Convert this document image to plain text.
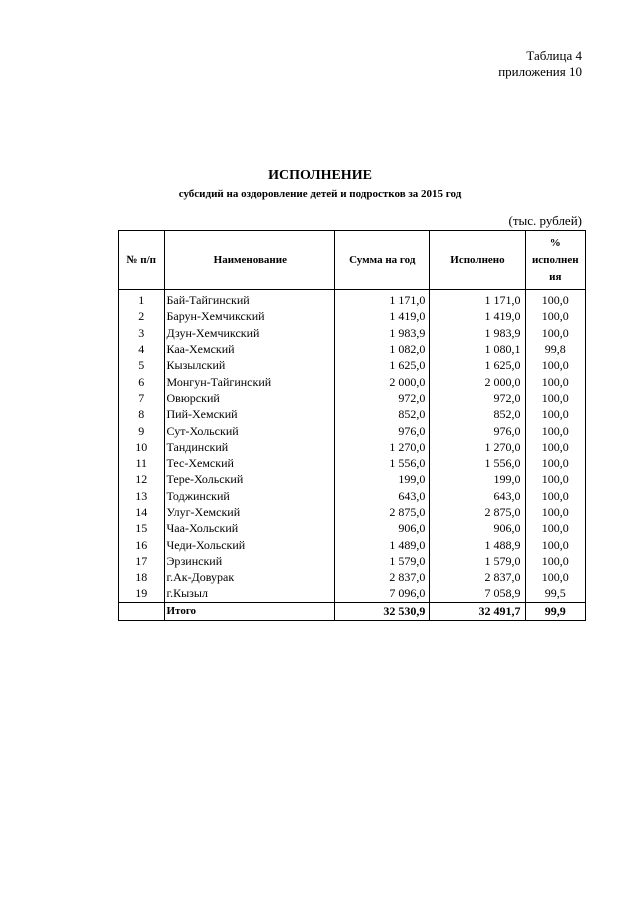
Таблица 4
приложения 10
ИСПОЛНЕНИЕ
субсидий на оздоровление детей и подростков за 2015 год
(тыс. рублей)
№ п/п	Наименование	Сумма на год	Исполнено	%
исполнен
ия

1	Бай-Тайгинский	1 171,0	1 171,0	100,0
2	Барун-Хемчикский	1 419,0	1 419,0	100,0
3	Дзун-Хемчикский	1 983,9	1 983,9	100,0
4	Каа-Хемский	1 082,0	1 080,1	99,8
5	Кызылский	1 625,0	1 625,0	100,0
6	Монгун-Тайгинский	2 000,0	2 000,0	100,0
7	Овюрский	972,0	972,0	100,0
8	Пий-Хемский	852,0	852,0	100,0
9	Сут-Хольский	976,0	976,0	100,0
10	Тандинский	1 270,0	1 270,0	100,0
11	Тес-Хемский	1 556,0	1 556,0	100,0
12	Тере-Хольский	199,0	199,0	100,0
13	Тоджинский	643,0	643,0	100,0
14	Улуг-Хемский	2 875,0	2 875,0	100,0
15	Чаа-Хольский	906,0	906,0	100,0
16	Чеди-Хольский	1 489,0	1 488,9	100,0
17	Эрзинский	1 579,0	1 579,0	100,0
18	г.Ак-Довурак	2 837,0	2 837,0	100,0
19	г.Кызыл	7 096,0	7 058,9	99,5
	Итого	32 530,9	32 491,7	99,9
